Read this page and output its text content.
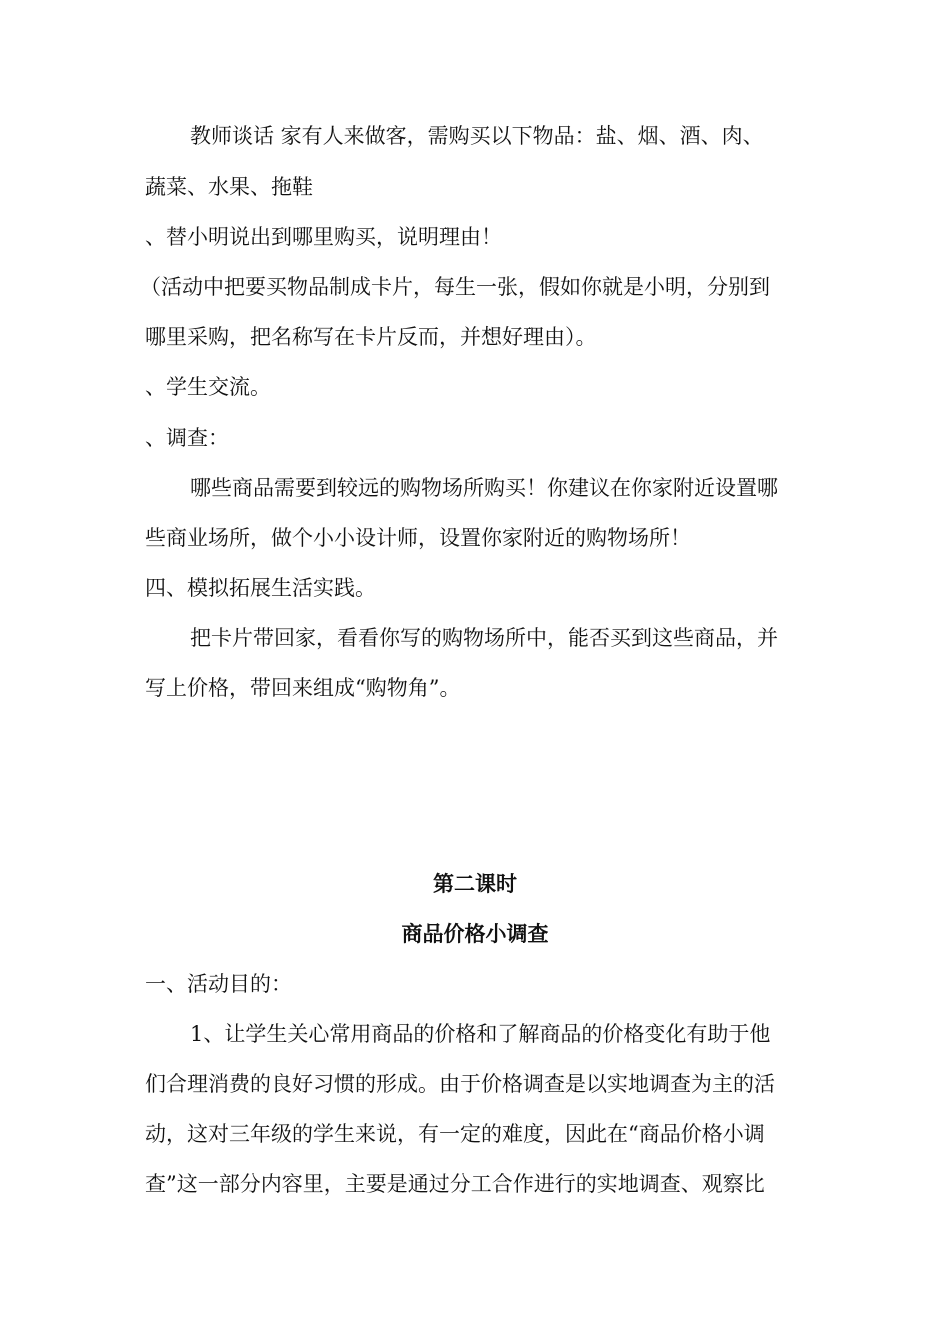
教师谈话 家有人来做客，需购买以下物品：盐、烟、酒、肉、
蔬菜、水果、拖鞋
、替小明说出到哪里购买，说明理由！
（活动中把要买物品制成卡片，每生一张，假如你就是小明，分别到
哪里采购，把名称写在卡片反而，并想好理由）。
、学生交流。
、调查：
哪些商品需要到较远的购物场所购买！你建议在你家附近设置哪
些商业场所，做个小小设计师，设置你家附近的购物场所！
四、模拟拓展生活实践。
把卡片带回家，看看你写的购物场所中，能否买到这些商品，并
写上价格，带回来组成“购物角”。
第二课时
商品价格小调查
一、活动目的：
1、让学生关心常用商品的价格和了解商品的价格变化有助于他
们合理消费的良好习惯的形成。由于价格调查是以实地调查为主的活
动，这对三年级的学生来说，有一定的难度，因此在“商品价格小调
查”这一部分内容里，主要是通过分工合作进行的实地调查、观察比
